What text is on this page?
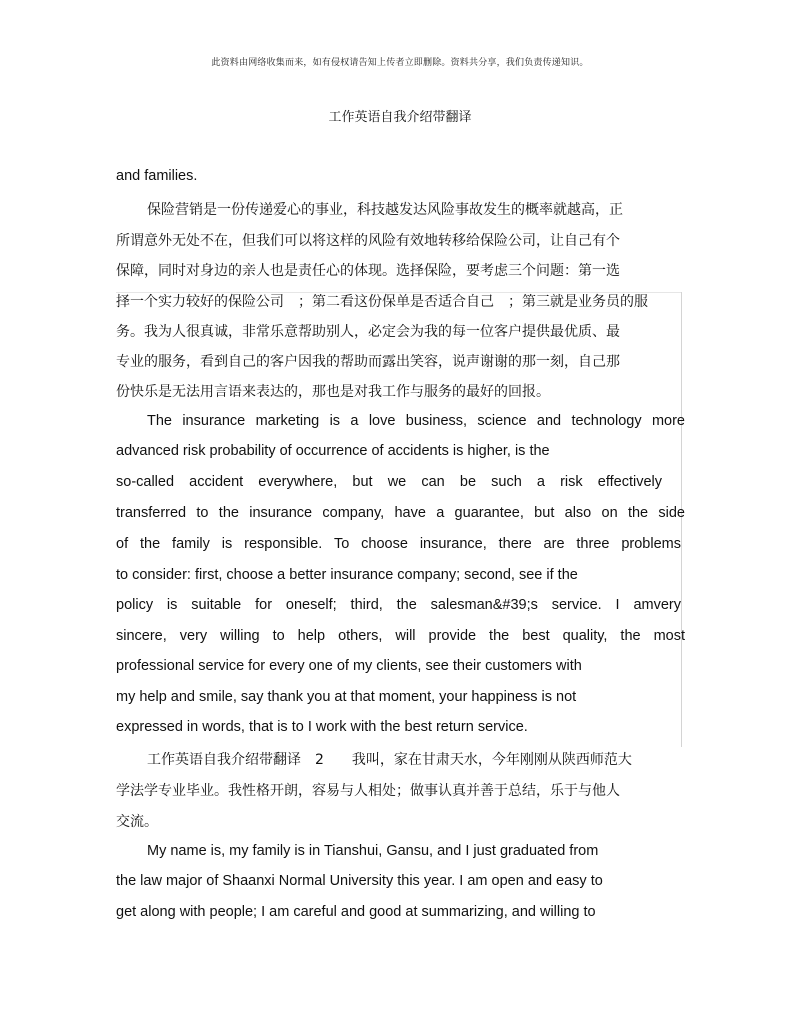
此资料由网络收集而来，如有侵权请告知上传者立即删除。资料共分享，我们负责传递知识。
工作英语自我介绍带翻译
and families.
保险营销是一份传递爱心的事业，科技越发达风险事故发生的概率就越高，正
所谓意外无处不在，但我们可以将这样的风险有效地转移给保险公司，让自己有个
保障，同时对身边的亲人也是责任心的体现。选择保险，要考虑三个问题：第一选
择一个实力较好的保险公司　；第二看这份保单是否适合自己　；第三就是业务员的服
务。我为人很真诚，非常乐意帮助别人，必定会为我的每一位客户提供最优质、最
专业的服务，看到自己的客户因我的帮助而露出笑容，说声谢谢的那一刻，自己那
份快乐是无法用言语来表达的，那也是对我工作与服务的最好的回报。
The insurance marketing is a love business, science and technology more
advanced risk probability of occurrence of accidents is higher, is the
so-called accident everywhere, but we can be such a risk effectively
transferred to the insurance company, have a guarantee, but also on the side
of the family is responsible. To choose insurance, there are three problems
to consider: first, choose a better insurance company; second, see if the
policy is suitable for oneself; third, the salesman&#39;s service. I amvery
sincere, very willing to help others, will provide the best quality, the most
professional service for every one of my clients, see their customers with
my help and smile, say thank you at that moment, your happiness is not
expressed in words, that is to I work with the best return service.
工作英语自我介绍带翻译　2　　我叫，家在甘肃天水，今年刚刚从陕西师范大
学法学专业毕业。我性格开朗，容易与人相处；做事认真并善于总结，乐于与他人
交流。
My name is, my family is in Tianshui, Gansu, and I just graduated from
the law major of Shaanxi Normal University this year. I am open and easy to
get along with people; I am careful and good at summarizing, and willing to
